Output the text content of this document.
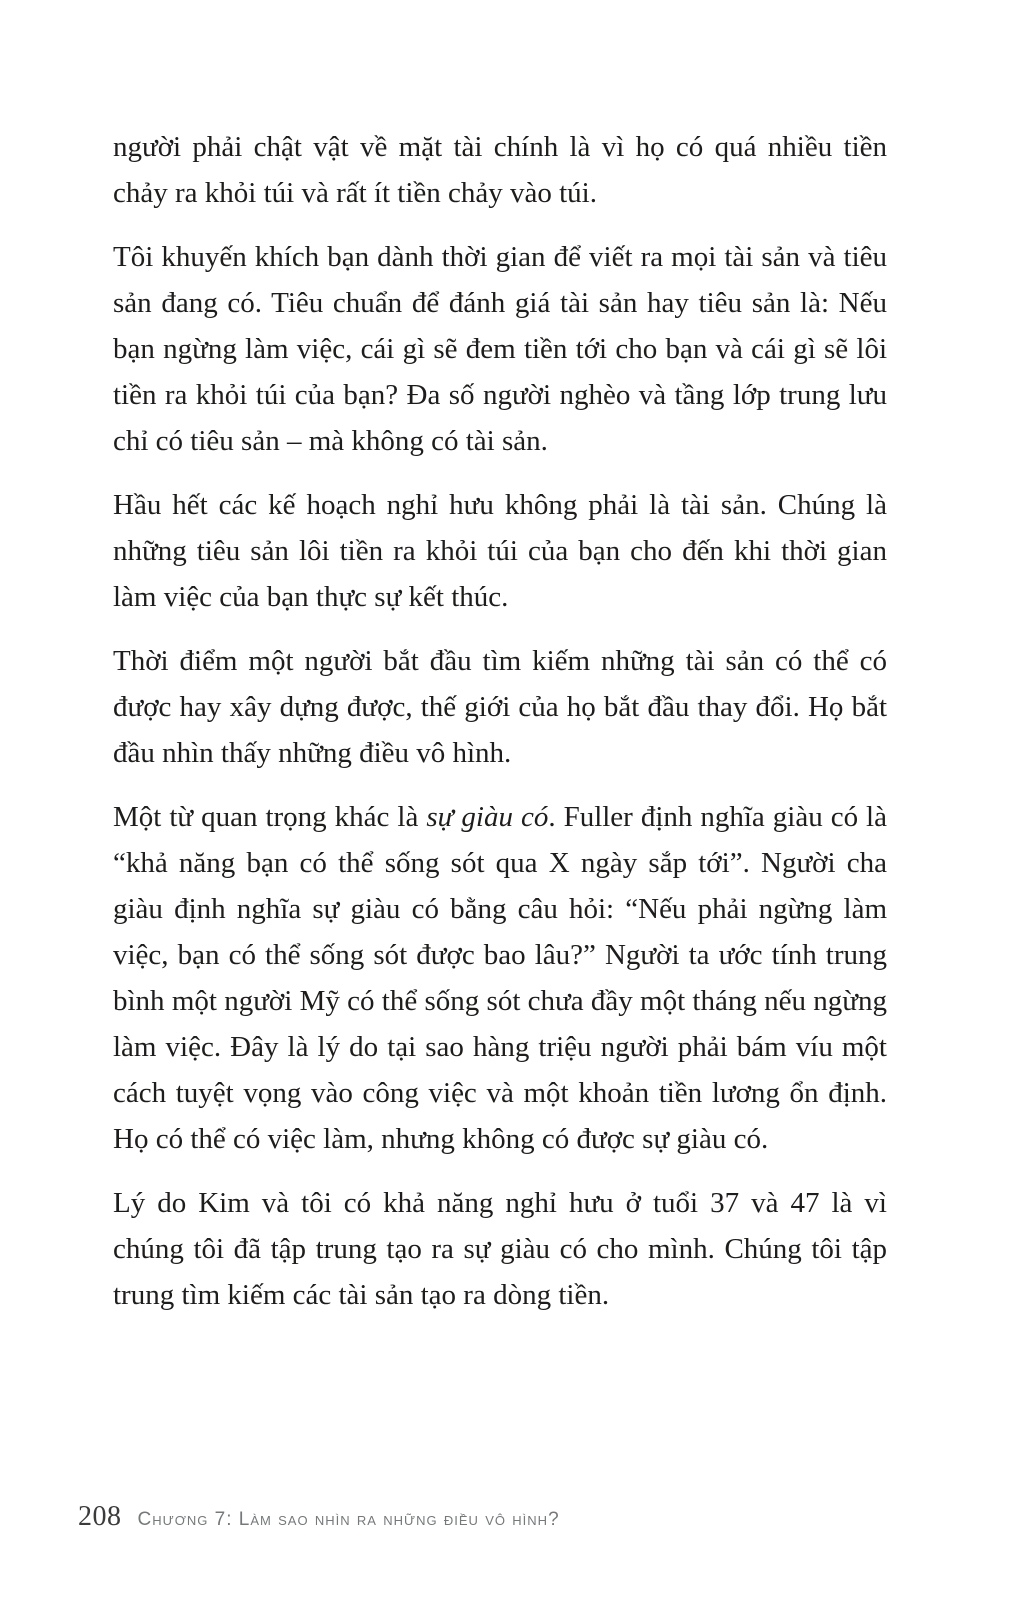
người phải chật vật về mặt tài chính là vì họ có quá nhiều tiền chảy ra khỏi túi và rất ít tiền chảy vào túi.

Tôi khuyến khích bạn dành thời gian để viết ra mọi tài sản và tiêu sản đang có. Tiêu chuẩn để đánh giá tài sản hay tiêu sản là: Nếu bạn ngừng làm việc, cái gì sẽ đem tiền tới cho bạn và cái gì sẽ lôi tiền ra khỏi túi của bạn? Đa số người nghèo và tầng lớp trung lưu chỉ có tiêu sản – mà không có tài sản.

Hầu hết các kế hoạch nghỉ hưu không phải là tài sản. Chúng là những tiêu sản lôi tiền ra khỏi túi của bạn cho đến khi thời gian làm việc của bạn thực sự kết thúc.

Thời điểm một người bắt đầu tìm kiếm những tài sản có thể có được hay xây dựng được, thế giới của họ bắt đầu thay đổi. Họ bắt đầu nhìn thấy những điều vô hình.

Một từ quan trọng khác là sự giàu có. Fuller định nghĩa giàu có là “khả năng bạn có thể sống sót qua X ngày sắp tới”. Người cha giàu định nghĩa sự giàu có bằng câu hỏi: “Nếu phải ngừng làm việc, bạn có thể sống sót được bao lâu?” Người ta ước tính trung bình một người Mỹ có thể sống sót chưa đầy một tháng nếu ngừng làm việc. Đây là lý do tại sao hàng triệu người phải bám víu một cách tuyệt vọng vào công việc và một khoản tiền lương ổn định. Họ có thể có việc làm, nhưng không có được sự giàu có.

Lý do Kim và tôi có khả năng nghỉ hưu ở tuổi 37 và 47 là vì chúng tôi đã tập trung tạo ra sự giàu có cho mình. Chúng tôi tập trung tìm kiếm các tài sản tạo ra dòng tiền.

208 Chương 7: Làm sao nhìn ra những điều vô hình?
